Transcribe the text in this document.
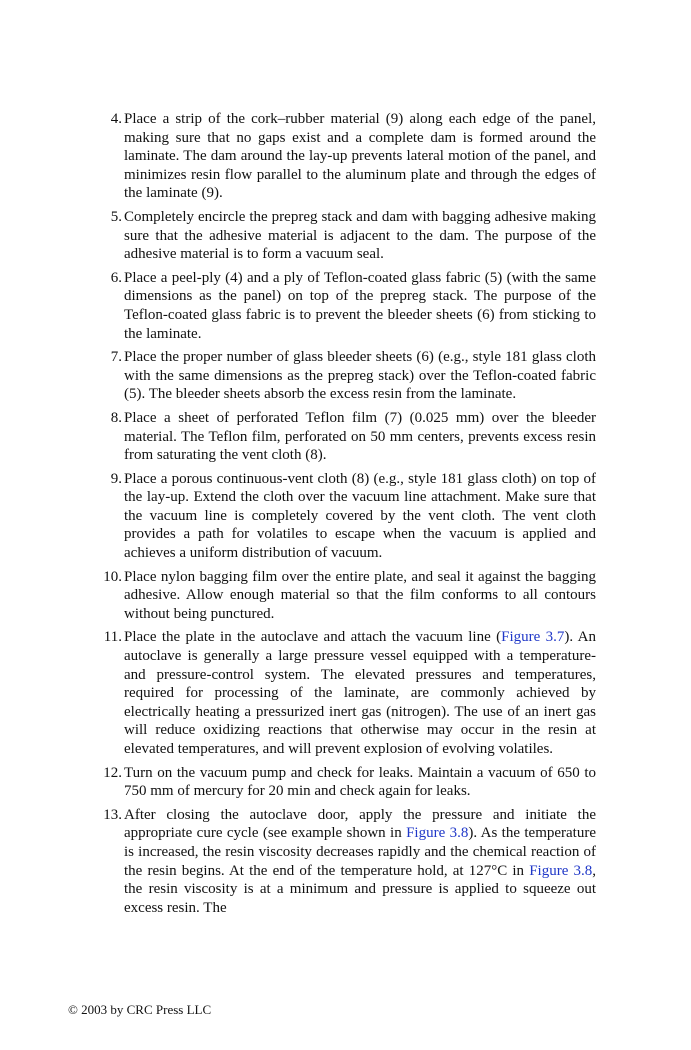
4. Place a strip of the cork–rubber material (9) along each edge of the panel, making sure that no gaps exist and a complete dam is formed around the laminate. The dam around the lay-up prevents lateral motion of the panel, and minimizes resin flow parallel to the aluminum plate and through the edges of the laminate (9).
5. Completely encircle the prepreg stack and dam with bagging adhesive making sure that the adhesive material is adjacent to the dam. The purpose of the adhesive material is to form a vacuum seal.
6. Place a peel-ply (4) and a ply of Teflon-coated glass fabric (5) (with the same dimensions as the panel) on top of the prepreg stack. The purpose of the Teflon-coated glass fabric is to prevent the bleeder sheets (6) from sticking to the laminate.
7. Place the proper number of glass bleeder sheets (6) (e.g., style 181 glass cloth with the same dimensions as the prepreg stack) over the Teflon-coated fabric (5). The bleeder sheets absorb the excess resin from the laminate.
8. Place a sheet of perforated Teflon film (7) (0.025 mm) over the bleeder material. The Teflon film, perforated on 50 mm centers, prevents excess resin from saturating the vent cloth (8).
9. Place a porous continuous-vent cloth (8) (e.g., style 181 glass cloth) on top of the lay-up. Extend the cloth over the vacuum line attachment. Make sure that the vacuum line is completely covered by the vent cloth. The vent cloth provides a path for volatiles to escape when the vacuum is applied and achieves a uniform distribution of vacuum.
10. Place nylon bagging film over the entire plate, and seal it against the bagging adhesive. Allow enough material so that the film conforms to all contours without being punctured.
11. Place the plate in the autoclave and attach the vacuum line (Figure 3.7). An autoclave is generally a large pressure vessel equipped with a temperature- and pressure-control system. The elevated pressures and temperatures, required for processing of the laminate, are commonly achieved by electrically heating a pressurized inert gas (nitrogen). The use of an inert gas will reduce oxidizing reactions that otherwise may occur in the resin at elevated temperatures, and will prevent explosion of evolving volatiles.
12. Turn on the vacuum pump and check for leaks. Maintain a vacuum of 650 to 750 mm of mercury for 20 min and check again for leaks.
13. After closing the autoclave door, apply the pressure and initiate the appropriate cure cycle (see example shown in Figure 3.8). As the temperature is increased, the resin viscosity decreases rapidly and the chemical reaction of the resin begins. At the end of the temperature hold, at 127°C in Figure 3.8, the resin viscosity is at a minimum and pressure is applied to squeeze out excess resin. The
© 2003 by CRC Press LLC
